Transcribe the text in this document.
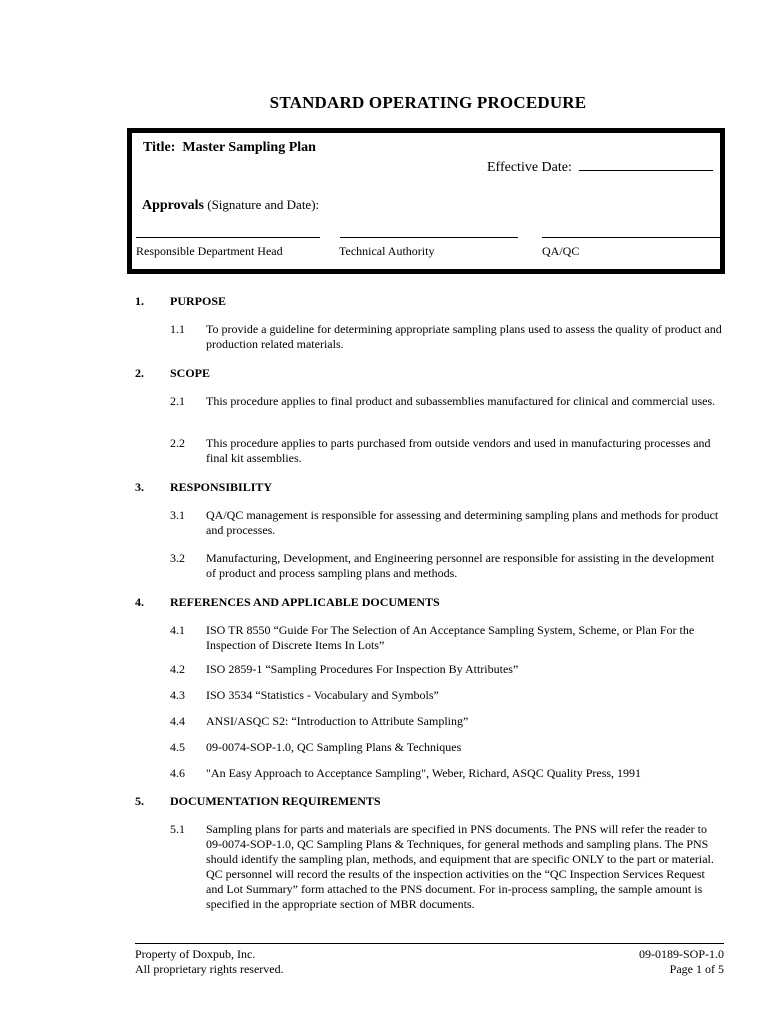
STANDARD OPERATING PROCEDURE
Title: Master Sampling Plan
Effective Date:
Approvals (Signature and Date):
Responsible Department Head	Technical Authority	QA/QC
1. PURPOSE
1.1 To provide a guideline for determining appropriate sampling plans used to assess the quality of product and production related materials.
2. SCOPE
2.1 This procedure applies to final product and subassemblies manufactured for clinical and commercial uses.
2.2 This procedure applies to parts purchased from outside vendors and used in manufacturing processes and final kit assemblies.
3. RESPONSIBILITY
3.1 QA/QC management is responsible for assessing and determining sampling plans and methods for product and processes.
3.2 Manufacturing, Development, and Engineering personnel are responsible for assisting in the development of product and process sampling plans and methods.
4. REFERENCES AND APPLICABLE DOCUMENTS
4.1 ISO TR 8550 “Guide For The Selection of An Acceptance Sampling System, Scheme, or Plan For the Inspection of Discrete Items In Lots”
4.2 ISO 2859-1 “Sampling Procedures For Inspection By Attributes”
4.3 ISO 3534 “Statistics - Vocabulary and Symbols”
4.4 ANSI/ASQC S2: “Introduction to Attribute Sampling”
4.5 09-0074-SOP-1.0, QC Sampling Plans & Techniques
4.6 "An Easy Approach to Acceptance Sampling", Weber, Richard, ASQC Quality Press, 1991
5. DOCUMENTATION REQUIREMENTS
5.1 Sampling plans for parts and materials are specified in PNS documents. The PNS will refer the reader to 09-0074-SOP-1.0, QC Sampling Plans & Techniques, for general methods and sampling plans. The PNS should identify the sampling plan, methods, and equipment that are specific ONLY to the part or material. QC personnel will record the results of the inspection activities on the “QC Inspection Services Request and Lot Summary” form attached to the PNS document. For in-process sampling, the sample amount is specified in the appropriate section of MBR documents.
Property of Doxpub, Inc.
All proprietary rights reserved.
09-0189-SOP-1.0
Page 1 of 5
